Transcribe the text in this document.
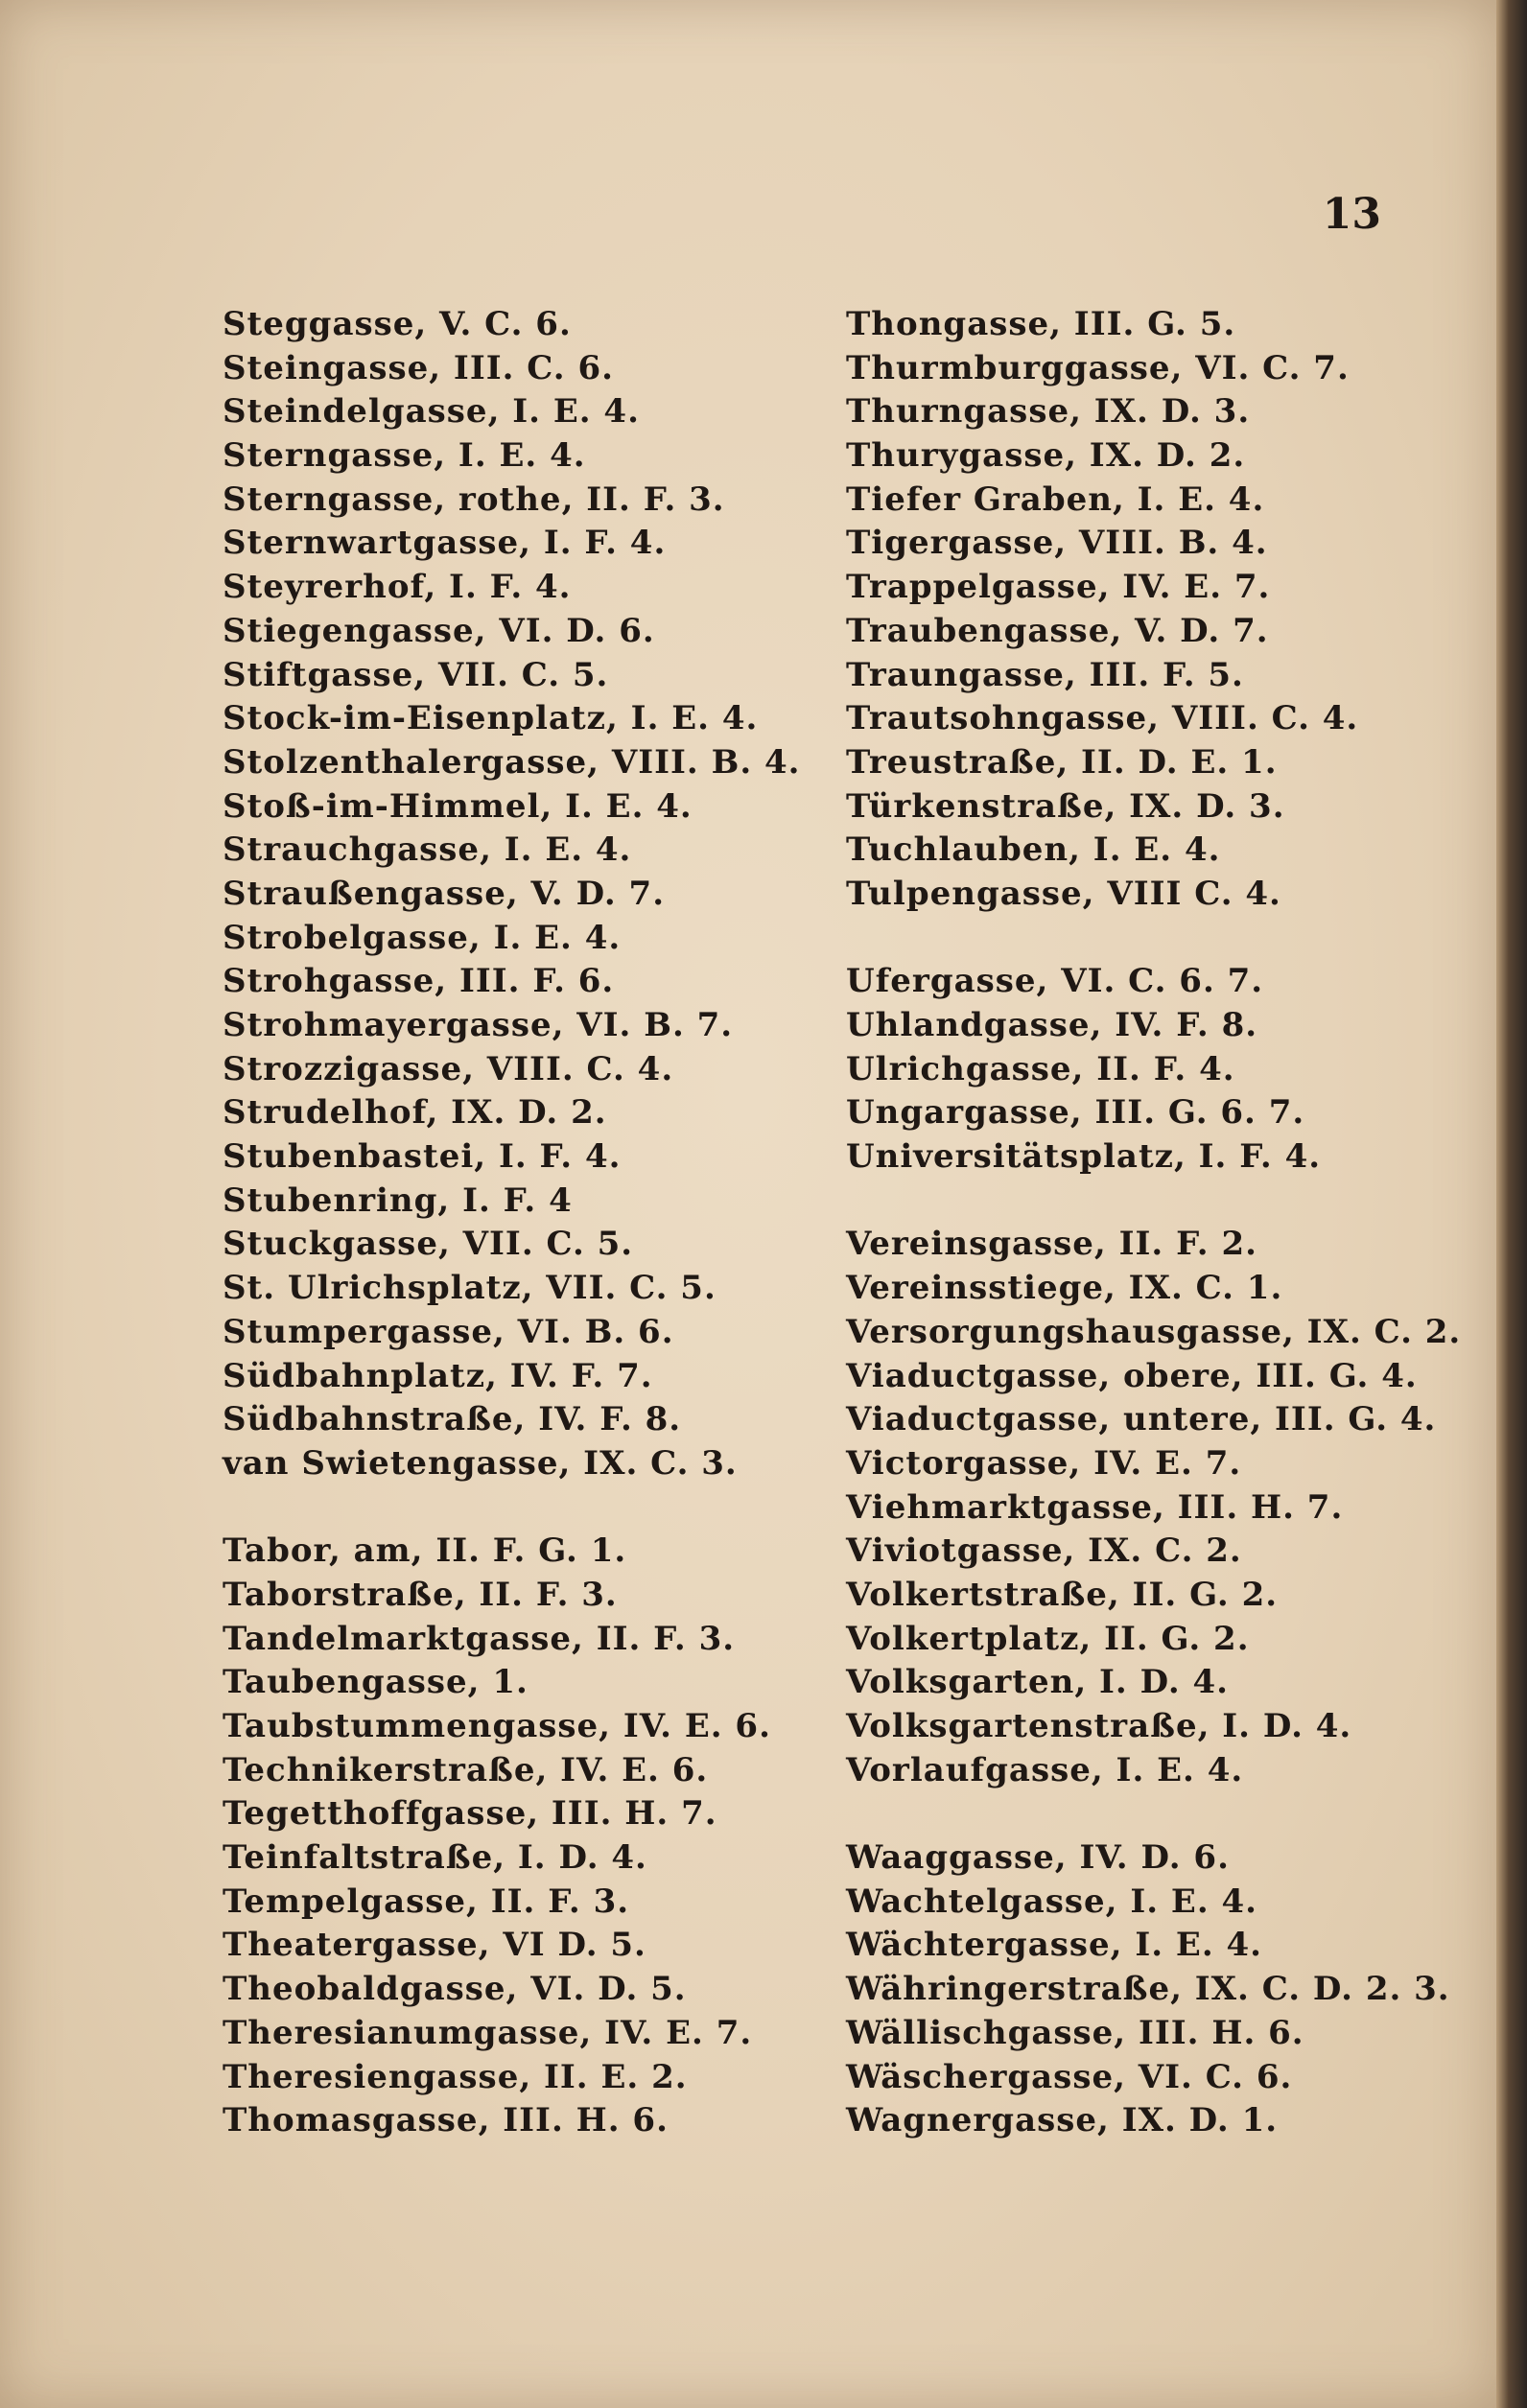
13
Steggasse, V. C. 6.
Steingasse, III. C. 6.
Steindelgasse, I. E. 4.
Sterngasse, I. E. 4.
Sterngasse, rothe, II. F. 3.
Sternwartgasse, I. F. 4.
Steyrerhof, I. F. 4.
Stiegengasse, VI. D. 6.
Stiftgasse, VII. C. 5.
Stock-im-Eisenplatz, I. E. 4.
Stolzenthalergasse, VIII. B. 4.
Stoß-im-Himmel, I. E. 4.
Strauchgasse, I. E. 4.
Straußengasse, V. D. 7.
Strobelgasse, I. E. 4.
Strohgasse, III. F. 6.
Strohmayergasse, VI. B. 7.
Strozzigasse, VIII. C. 4.
Strudelhof, IX. D. 2.
Stubenbastei, I. F. 4.
Stubenring, I. F. 4
Stuckgasse, VII. C. 5.
St. Ulrichsplatz, VII. C. 5.
Stumpergasse, VI. B. 6.
Südbahnplatz, IV. F. 7.
Südbahnstraße, IV. F. 8.
van Swietengasse, IX. C. 3.
Tabor, am, II. F. G. 1.
Taborstraße, II. F. 3.
Tandelmarktgasse, II. F. 3.
Taubengasse, 1.
Taubstummengasse, IV. E. 6.
Technikerstraße, IV. E. 6.
Tegetthoffgasse, III. H. 7.
Teinfaltstraße, I. D. 4.
Tempelgasse, II. F. 3.
Theatergasse, VI D. 5.
Theobaldgasse, VI. D. 5.
Theresianumgasse, IV. E. 7.
Theresiengasse, II. E. 2.
Thomasgasse, III. H. 6.
Thongasse, III. G. 5.
Thurmburggasse, VI. C. 7.
Thurngasse, IX. D. 3.
Thurygasse, IX. D. 2.
Tiefer Graben, I. E. 4.
Tigergasse, VIII. B. 4.
Trappelgasse, IV. E. 7.
Traubengasse, V. D. 7.
Traungasse, III. F. 5.
Trautsohngasse, VIII. C. 4.
Treustraße, II. D. E. 1.
Türkenstraße, IX. D. 3.
Tuchlauben, I. E. 4.
Tulpengasse, VIII C. 4.
Ufergasse, VI. C. 6. 7.
Uhlandgasse, IV. F. 8.
Ulrichgasse, II. F. 4.
Ungargasse, III. G. 6. 7.
Universitätsplatz, I. F. 4.
Vereinsgasse, II. F. 2.
Vereinsstiege, IX. C. 1.
Versorgungshausgasse, IX. C. 2.
Viaductgasse, obere, III. G. 4.
Viaductgasse, untere, III. G. 4.
Victorgasse, IV. E. 7.
Viehmarktgasse, III. H. 7.
Viviotgasse, IX. C. 2.
Volkertstraße, II. G. 2.
Volkertplatz, II. G. 2.
Volksgarten, I. D. 4.
Volksgartenstraße, I. D. 4.
Vorlaufgasse, I. E. 4.
Waaggasse, IV. D. 6.
Wachtelgasse, I. E. 4.
Wächtergasse, I. E. 4.
Währingerstraße, IX. C. D. 2. 3.
Wällischgasse, III. H. 6.
Wäschergasse, VI. C. 6.
Wagnergasse, IX. D. 1.
